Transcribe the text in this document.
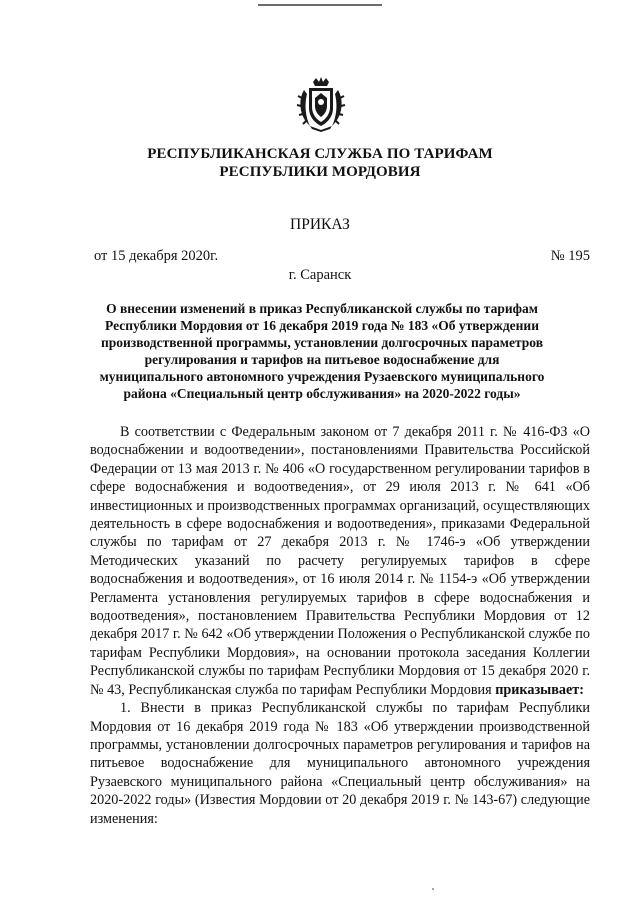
РЕСПУБЛИКАНСКАЯ СЛУЖБА ПО ТАРИФАМ
РЕСПУБЛИКИ МОРДОВИЯ
ПРИКАЗ
от 15 декабря 2020г.	№ 195
г. Саранск
О внесении изменений в приказ Республиканской службы по тарифам
Республики Мордовия от 16 декабря 2019 года № 183 «Об утверждении
производственной программы, установлении долгосрочных параметров
регулирования и тарифов на питьевое водоснабжение для
муниципального автономного учреждения Рузаевского муниципального
района «Специальный центр обслуживания» на 2020-2022 годы»

В соответствии с Федеральным законом от 7 декабря 2011 г. № 416-ФЗ «О водоснабжении и водоотведении», постановлениями Правительства Российской Федерации от 13 мая 2013 г. № 406 «О государственном регулировании тарифов в сфере водоснабжения и водоотведения», от 29 июля 2013 г. № 641 «Об инвестиционных и производственных программах организаций, осуществляющих деятельность в сфере водоснабжения и водоотведения», приказами Федеральной службы по тарифам от 27 декабря 2013 г. № 1746-э «Об утверждении Методических указаний по расчету регулируемых тарифов в сфере водоснабжения и водоотведения», от 16 июля 2014 г. № 1154-э «Об утверждении Регламента установления регулируемых тарифов в сфере водоснабжения и водоотведения», постановлением Правительства Республики Мордовия от 12 декабря 2017 г. № 642 «Об утверждении Положения о Республиканской службе по тарифам Республики Мордовия», на основании протокола заседания Коллегии Республиканской службы по тарифам Республики Мордовия от 15 декабря 2020 г. № 43, Республиканская служба по тарифам Республики Мордовия приказывает:

1. Внести в приказ Республиканской службы по тарифам Республики Мордовия от 16 декабря 2019 года № 183 «Об утверждении производственной программы, установлении долгосрочных параметров регулирования и тарифов на питьевое водоснабжение для муниципального автономного учреждения Рузаевского муниципального района «Специальный центр обслуживания» на 2020-2022 годы» (Известия Мордовии от 20 декабря 2019 г. № 143-67) следующие изменения:
